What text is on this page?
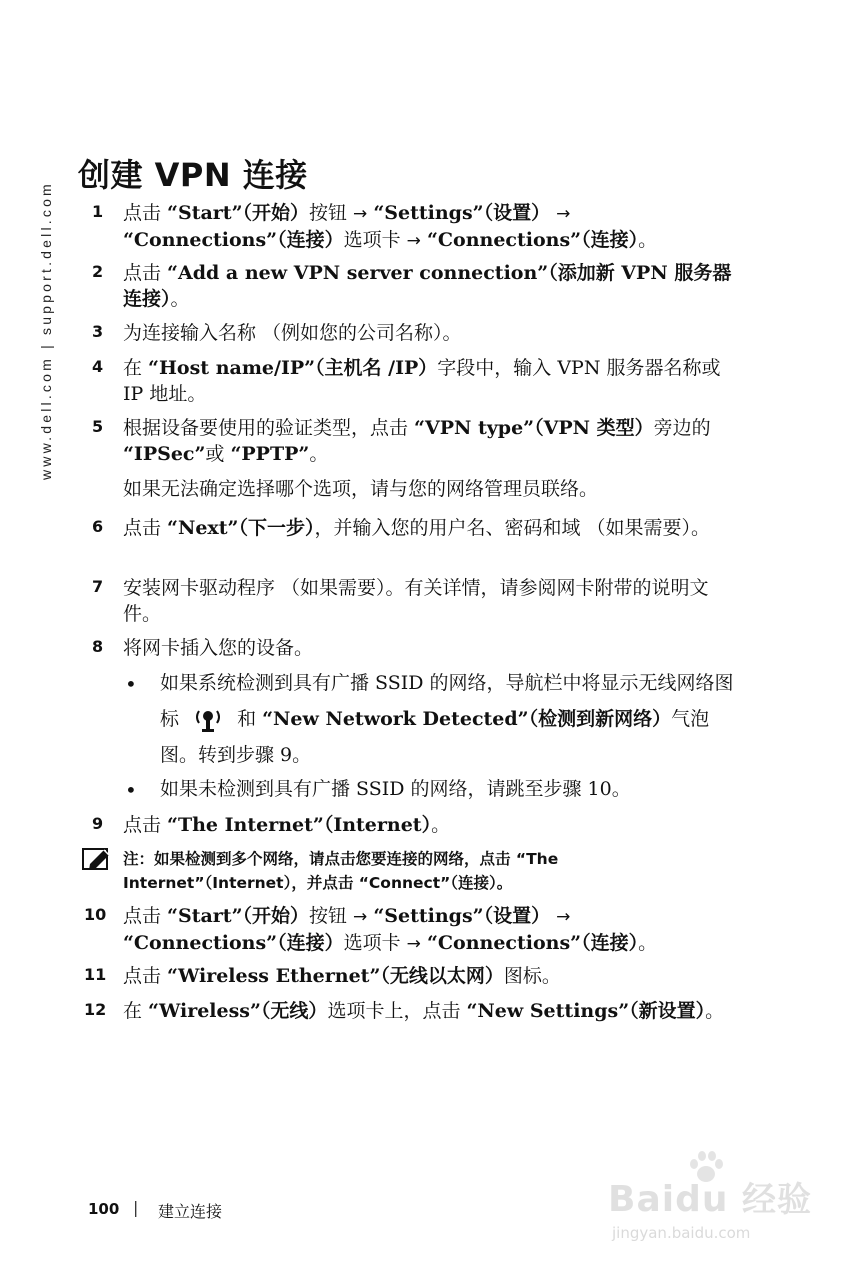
www.dell.com | support.dell.com
创建 VPN 连接
1 点击 “Start”（开始）按钮 → “Settings”（设置） →
“Connections”（连接）选项卡 → “Connections”（连接）。
2 点击 “Add a new VPN server connection”（添加新 VPN 服务器连接）。
3 为连接输入名称 （例如您的公司名称）。
4 在 “Host name/IP”（主机名 /IP）字段中，输入 VPN 服务器名称或 IP 地址。
5 根据设备要使用的验证类型，点击 “VPN type”（VPN 类型）旁边的 “IPSec”或 “PPTP”。
如果无法确定选择哪个选项，请与您的网络管理员联络。
6 点击 “Next”（下一步），并输入您的用户名、密码和域 （如果需要）。
7 安装网卡驱动程序 （如果需要）。有关详情，请参阅网卡附带的说明文件。
8 将网卡插入您的设备。
• 如果系统检测到具有广播 SSID 的网络，导航栏中将显示无线网络图标	和 “New Network Detected”（检测到新网络）气泡图。转到步骤 9。
• 如果未检测到具有广播 SSID 的网络，请跳至步骤 10。
9 点击 “The Internet”（Internet）。
注：如果检测到多个网络，请点击您要连接的网络，点击 “The Internet”（Internet），并点击 “Connect”（连接）。
10 点击 “Start”（开始）按钮 → “Settings”（设置） →
“Connections”（连接）选项卡 → “Connections”（连接）。
11 点击 “Wireless Ethernet”（无线以太网）图标。
12 在 “Wireless”（无线）选项卡上，点击 “New Settings”（新设置）。
100 | 建立连接	Baidu 经验
jingyan.baidu.com
